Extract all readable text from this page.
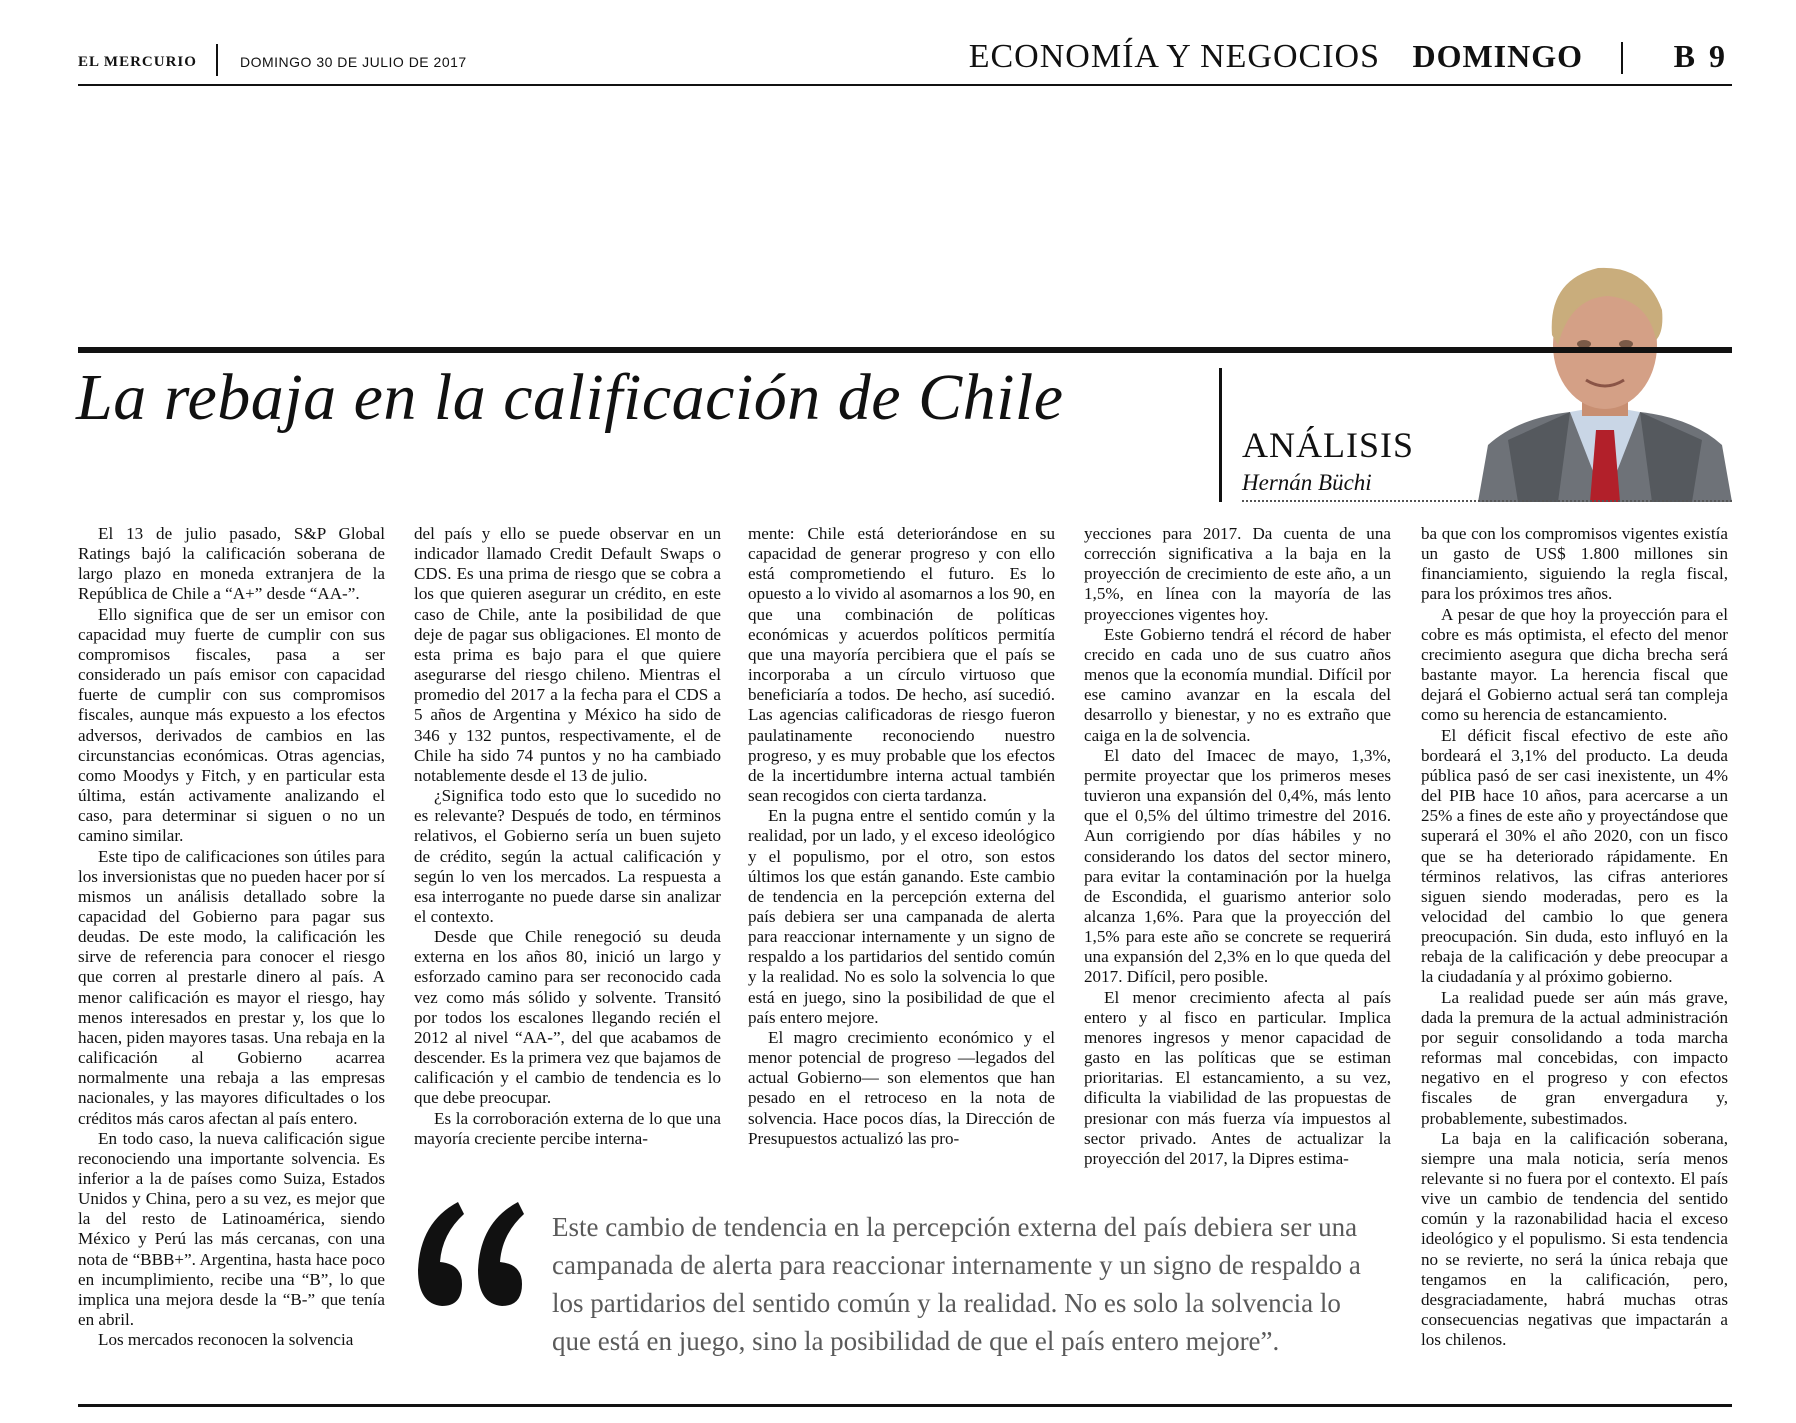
EL MERCURIO	DOMINGO 30 DE JULIO DE 2017	ECONOMÍA Y NEGOCIOS DOMINGO	B 9
La rebaja en la calificación de Chile
ANÁLISIS
Hernán Büchi

El 13 de julio pasado, S&P Global Ratings bajó la calificación soberana de largo plazo en moneda extranjera de la República de Chile a “A+” desde “AA-”.

Ello significa que de ser un emisor con capacidad muy fuerte de cumplir con sus compromisos fiscales, pasa a ser considerado un país emisor con capacidad fuerte de cumplir con sus compromisos fiscales, aunque más expuesto a los efectos adversos, derivados de cambios en las circunstancias económicas. Otras agencias, como Moodys y Fitch, y en particular esta última, están activamente analizando el caso, para determinar si siguen o no un camino similar.

Este tipo de calificaciones son útiles para los inversionistas que no pueden hacer por sí mismos un análisis detallado sobre la capacidad del Gobierno para pagar sus deudas. De este modo, la calificación les sirve de referencia para conocer el riesgo que corren al prestarle dinero al país. A menor calificación es mayor el riesgo, hay menos interesados en prestar y, los que lo hacen, piden mayores tasas. Una rebaja en la calificación al Gobierno acarrea normalmente una rebaja a las empresas nacionales, y las mayores dificultades o los créditos más caros afectan al país entero.

En todo caso, la nueva calificación sigue reconociendo una importante solvencia. Es inferior a la de países como Suiza, Estados Unidos y China, pero a su vez, es mejor que la del resto de Latinoamérica, siendo México y Perú las más cercanas, con una nota de “BBB+”. Argentina, hasta hace poco en incumplimiento, recibe una “B”, lo que implica una mejora desde la “B-” que tenía en abril.

Los mercados reconocen la solvencia

del país y ello se puede observar en un indicador llamado Credit Default Swaps o CDS. Es una prima de riesgo que se cobra a los que quieren asegurar un crédito, en este caso de Chile, ante la posibilidad de que deje de pagar sus obligaciones. El monto de esta prima es bajo para el que quiere asegurarse del riesgo chileno. Mientras el promedio del 2017 a la fecha para el CDS a 5 años de Argentina y México ha sido de 346 y 132 puntos, respectivamente, el de Chile ha sido 74 puntos y no ha cambiado notablemente desde el 13 de julio.

¿Significa todo esto que lo sucedido no es relevante? Después de todo, en términos relativos, el Gobierno sería un buen sujeto de crédito, según la actual calificación y según lo ven los mercados. La respuesta a esa interrogante no puede darse sin analizar el contexto.

Desde que Chile renegoció su deuda externa en los años 80, inició un largo y esforzado camino para ser reconocido cada vez como más sólido y solvente. Transitó por todos los escalones llegando recién el 2012 al nivel “AA-”, del que acabamos de descender. Es la primera vez que bajamos de calificación y el cambio de tendencia es lo que debe preocupar.

Es la corroboración externa de lo que una mayoría creciente percibe interna-

mente: Chile está deteriorándose en su capacidad de generar progreso y con ello está comprometiendo el futuro. Es lo opuesto a lo vivido al asomarnos a los 90, en que una combinación de políticas económicas y acuerdos políticos permitía que una mayoría percibiera que el país se incorporaba a un círculo virtuoso que beneficiaría a todos. De hecho, así sucedió. Las agencias calificadoras de riesgo fueron paulatinamente reconociendo nuestro progreso, y es muy probable que los efectos de la incertidumbre interna actual también sean recogidos con cierta tardanza.

En la pugna entre el sentido común y la realidad, por un lado, y el exceso ideológico y el populismo, por el otro, son estos últimos los que están ganando. Este cambio de tendencia en la percepción externa del país debiera ser una campanada de alerta para reaccionar internamente y un signo de respaldo a los partidarios del sentido común y la realidad. No es solo la solvencia lo que está en juego, sino la posibilidad de que el país entero mejore.

El magro crecimiento económico y el menor potencial de progreso —legados del actual Gobierno— son elementos que han pesado en el retroceso en la nota de solvencia. Hace pocos días, la Dirección de Presupuestos actualizó las pro-

yecciones para 2017. Da cuenta de una corrección significativa a la baja en la proyección de crecimiento de este año, a un 1,5%, en línea con la mayoría de las proyecciones vigentes hoy.

Este Gobierno tendrá el récord de haber crecido en cada uno de sus cuatro años menos que la economía mundial. Difícil por ese camino avanzar en la escala del desarrollo y bienestar, y no es extraño que caiga en la de solvencia.

El dato del Imacec de mayo, 1,3%, permite proyectar que los primeros meses tuvieron una expansión del 0,4%, más lento que el 0,5% del último trimestre del 2016. Aun corrigiendo por días hábiles y no considerando los datos del sector minero, para evitar la contaminación por la huelga de Escondida, el guarismo anterior solo alcanza 1,6%. Para que la proyección del 1,5% para este año se concrete se requerirá una expansión del 2,3% en lo que queda del 2017. Difícil, pero posible.

El menor crecimiento afecta al país entero y al fisco en particular. Implica menores ingresos y menor capacidad de gasto en las políticas que se estiman prioritarias. El estancamiento, a su vez, dificulta la viabilidad de las propuestas de presionar con más fuerza vía impuestos al sector privado. Antes de actualizar la proyección del 2017, la Dipres estima-

ba que con los compromisos vigentes existía un gasto de US$ 1.800 millones sin financiamiento, siguiendo la regla fiscal, para los próximos tres años.

A pesar de que hoy la proyección para el cobre es más optimista, el efecto del menor crecimiento asegura que dicha brecha será bastante mayor. La herencia fiscal que dejará el Gobierno actual será tan compleja como su herencia de estancamiento.

El déficit fiscal efectivo de este año bordeará el 3,1% del producto. La deuda pública pasó de ser casi inexistente, un 4% del PIB hace 10 años, para acercarse a un 25% a fines de este año y proyectándose que superará el 30% el año 2020, con un fisco que se ha deteriorado rápidamente. En términos relativos, las cifras anteriores siguen siendo moderadas, pero es la velocidad del cambio lo que genera preocupación. Sin duda, esto influyó en la rebaja de la calificación y debe preocupar a la ciudadanía y al próximo gobierno.

La realidad puede ser aún más grave, dada la premura de la actual administración por seguir consolidando a toda marcha reformas mal concebidas, con impacto negativo en el progreso y con efectos fiscales de gran envergadura y, probablemente, subestimados.

La baja en la calificación soberana, siempre una mala noticia, sería menos relevante si no fuera por el contexto. El país vive un cambio de tendencia del sentido común y la razonabilidad hacia el exceso ideológico y el populismo. Si esta tendencia no se revierte, no será la única rebaja que tengamos en la calificación, pero, desgraciadamente, habrá muchas otras consecuencias negativas que impactarán a los chilenos.

Este cambio de tendencia en la percepción externa del país debiera ser una campanada de alerta para reaccionar internamente y un signo de respaldo a los partidarios del sentido común y la realidad. No es solo la solvencia lo que está en juego, sino la posibilidad de que el país entero mejore”.
